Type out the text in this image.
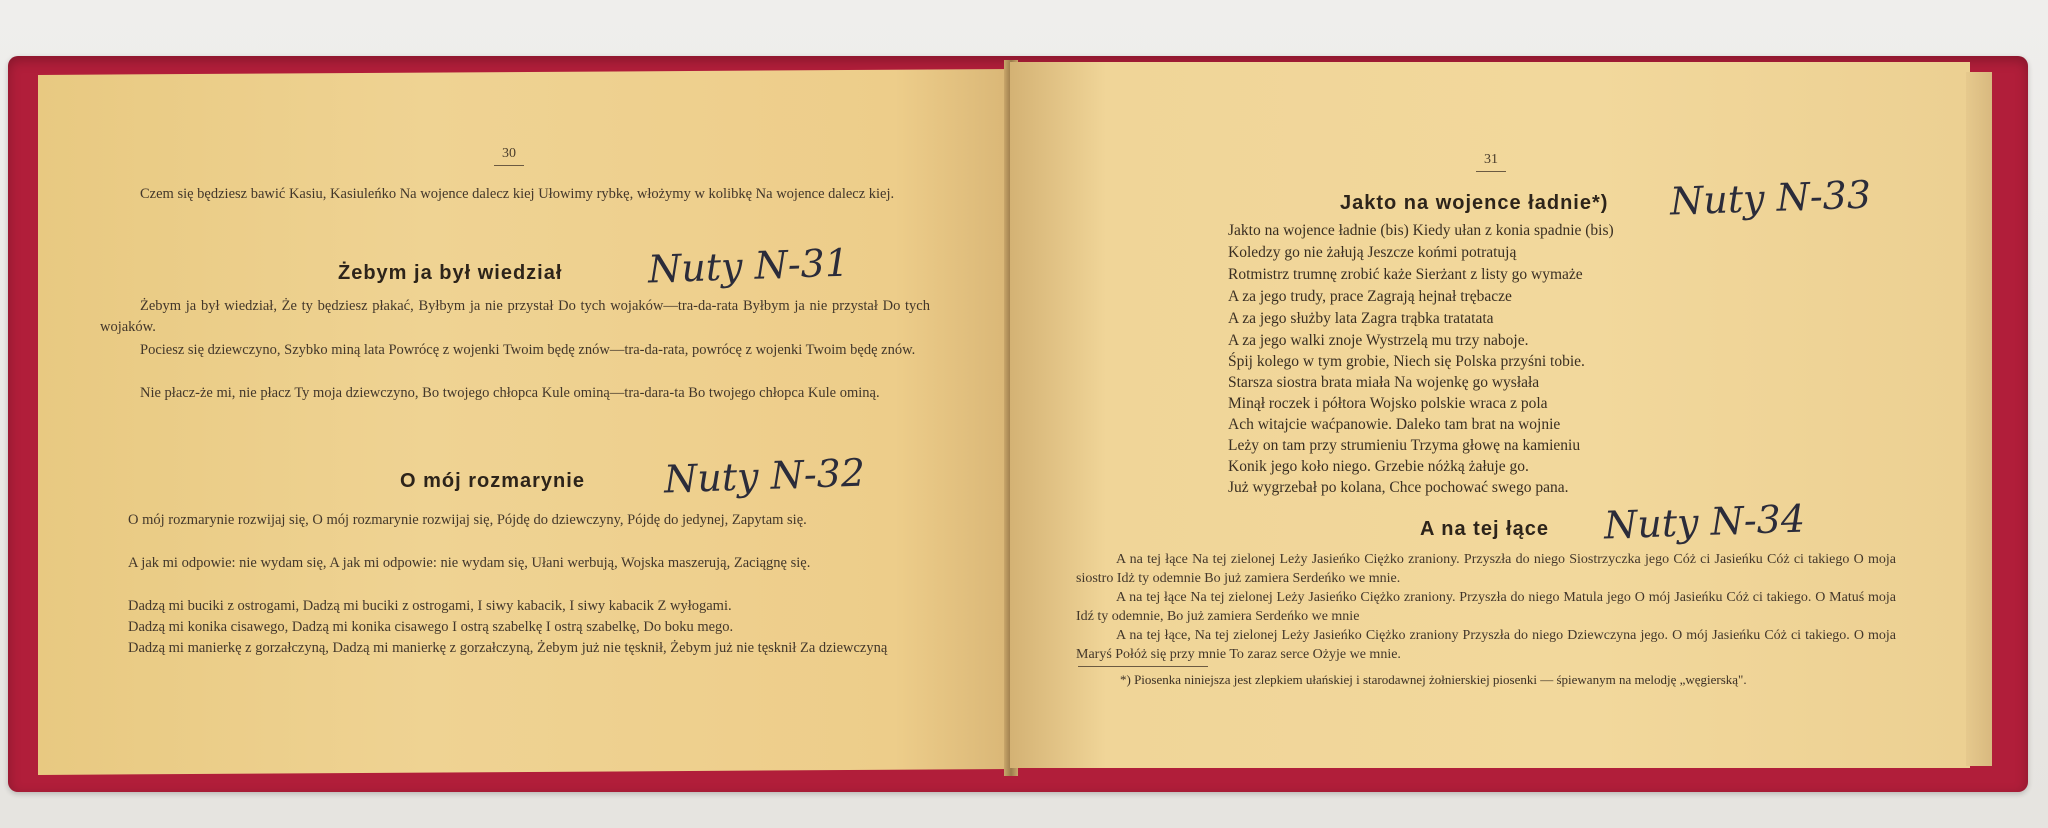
30
Czem się będziesz bawić Kasiu, Kasiuleńko Na wojence dalecz kiej Ułowimy rybkę, włożymy w kolibkę Na wojence dalecz kiej.
Żebym ja był wiedział Nuty N-31
Żebym ja był wiedział, Że ty będziesz płakać, Byłbym ja nie przystał Do tych wojaków—tra-da-rata Byłbym ja nie przystał Do tych wojaków.
Pociesz się dziewczyno, Szybko miną lata Powrócę z wojenki Twoim będę znów—tra-da-rata, powrócę z wojenki Twoim będę znów.
Nie płacz-że mi, nie płacz Ty moja dziewczyno, Bo twojego chłopca Kule ominą—tra-dara-ta Bo twojego chłopca Kule ominą.
O mój rozmarynie Nuty N-32
O mój rozmarynie rozwijaj się, O mój rozmarynie rozwijaj się, Pójdę do dziewczyny, Pójdę do jedynej, Zapytam się.
A jak mi odpowie: nie wydam się, A jak mi odpowie: nie wydam się, Ułani werbują, Wojska maszerują, Zaciągnę się.
Dadzą mi buciki z ostrogami, Dadzą mi buciki z ostrogami, I siwy kabacik, I siwy kabacik Z wyłogami.
Dadzą mi konika cisawego, Dadzą mi konika cisawego I ostrą szabelkę I ostrą szabelkę, Do boku mego.
Dadzą mi manierkę z gorzałczyną, Dadzą mi manierkę z gorzałczyną, Żebym już nie tęsknił, Żebym już nie tęsknił Za dziewczyną
31
Jakto na wojence ładnie*) Nuty N-33
Jakto na wojence ładnie (bis) Kiedy ułan z konia spadnie (bis)
Koledzy go nie żałują Jeszcze końmi potratują
Rotmistrz trumnę zrobić każe Sierżant z listy go wymaże
A za jego trudy, prace Zagrają hejnał trębacze
A za jego służby lata Zagra trąbka tratatata
A za jego walki znoje Wystrzelą mu trzy naboje.
Śpij kolego w tym grobie, Niech się Polska przyśni tobie.
Starsza siostra brata miała Na wojenkę go wysłała
Minął roczek i półtora Wojsko polskie wraca z pola
Ach witajcie waćpanowie. Daleko tam brat na wojnie
Leży on tam przy strumieniu Trzyma głowę na kamieniu
Konik jego koło niego. Grzebie nóżką żałuje go.
Już wygrzebał po kolana, Chce pochować swego pana.
A na tej łące Nuty N-34
A na tej łące Na tej zielonej Leży Jasieńko Ciężko zraniony. Przyszła do niego Siostrzyczka jego Cóż ci Jasieńku Cóż ci takiego O moja siostro Idż ty odemnie Bo już zamiera Serdeńko we mnie.
A na tej łące Na tej zielonej Leży Jasieńko Ciężko zraniony. Przyszła do niego Matula jego O mój Jasieńku Cóż ci takiego. O Matuś moja Idź ty odemnie, Bo już zamiera Serdeńko we mnie
A na tej łące, Na tej zielonej Leży Jasieńko Ciężko zraniony Przyszła do niego Dziewczyna jego. O mój Jasieńku Cóż ci takiego. O moja Maryś Połóż się przy mnie To zaraz serce Ożyje we mnie.
*) Piosenka niniejsza jest zlepkiem ułańskiej i starodawnej żołnierskiej piosenki — śpiewanym na melodję „węgierską".
